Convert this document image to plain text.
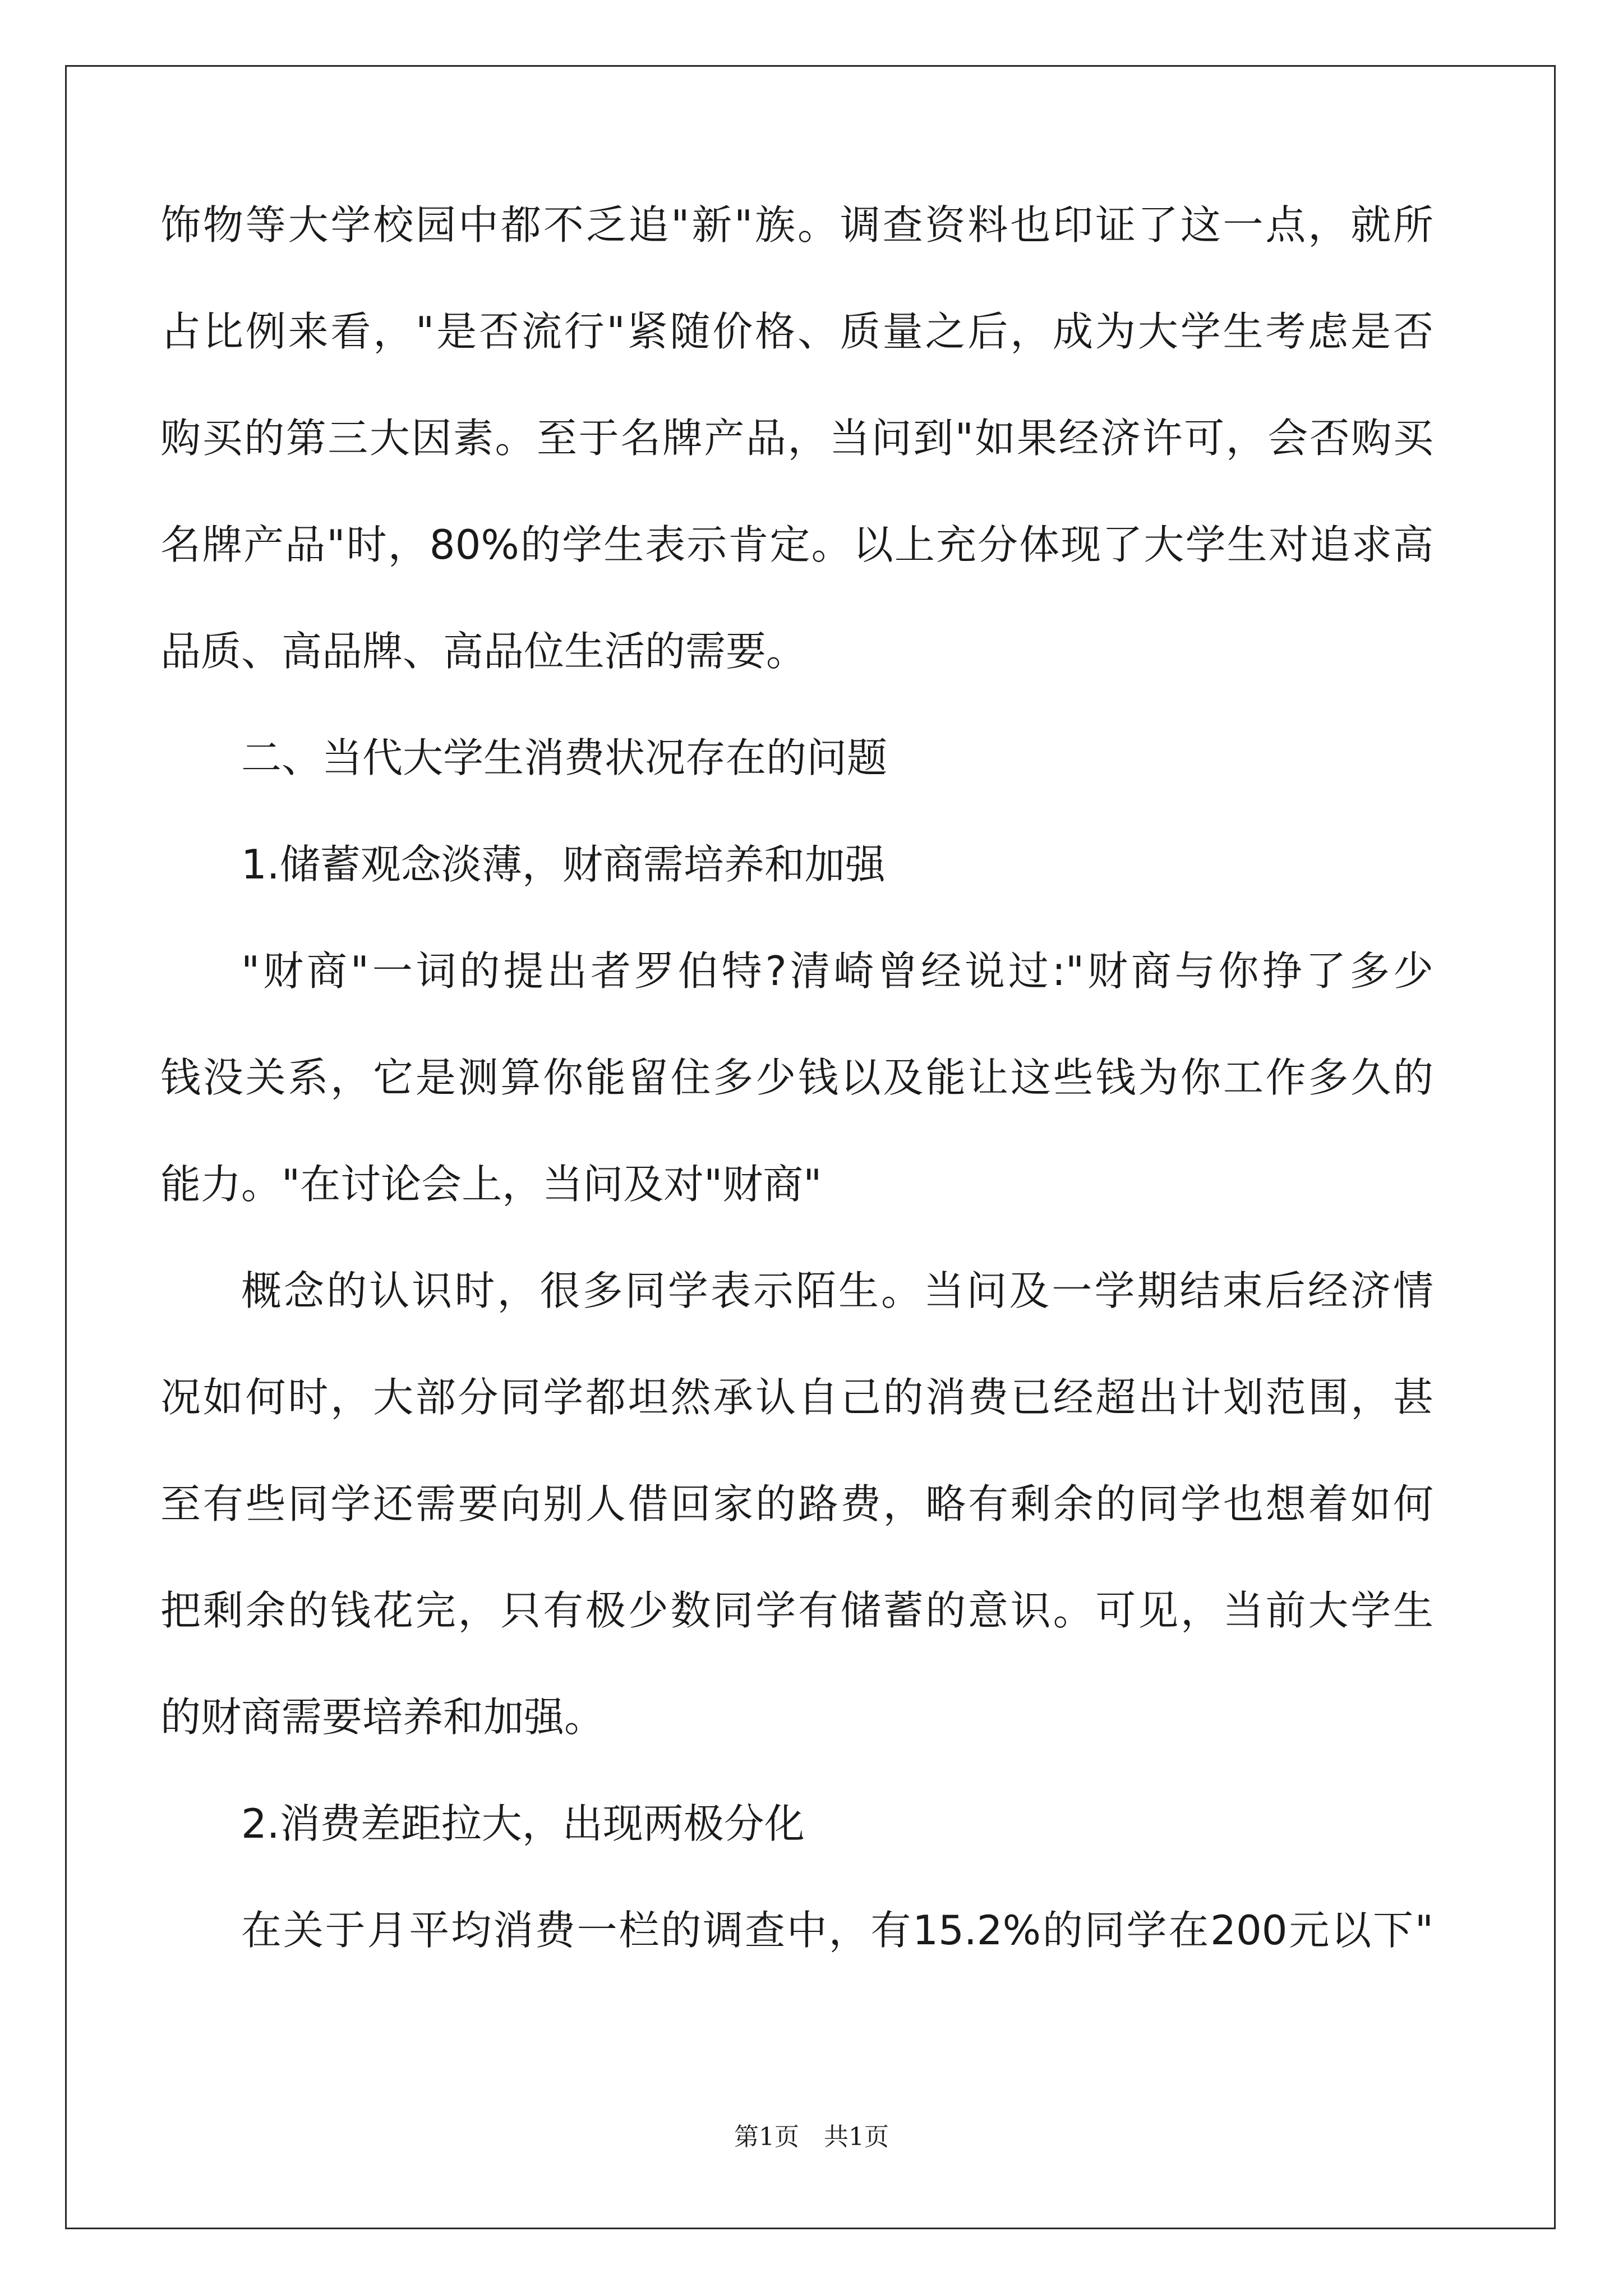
饰物等大学校园中都不乏追"新"族。调查资料也印证了这一点，就所
占比例来看，"是否流行"紧随价格、质量之后，成为大学生考虑是否
购买的第三大因素。至于名牌产品，当问到"如果经济许可，会否购买
名牌产品"时，80%的学生表示肯定。以上充分体现了大学生对追求高
品质、高品牌、高品位生活的需要。
二、当代大学生消费状况存在的问题
1.储蓄观念淡薄，财商需培养和加强
"财商"一词的提出者罗伯特?清崎曾经说过:"财商与你挣了多少
钱没关系，它是测算你能留住多少钱以及能让这些钱为你工作多久的
能力。"在讨论会上，当问及对"财商"
概念的认识时，很多同学表示陌生。当问及一学期结束后经济情
况如何时，大部分同学都坦然承认自己的消费已经超出计划范围，甚
至有些同学还需要向别人借回家的路费，略有剩余的同学也想着如何
把剩余的钱花完，只有极少数同学有储蓄的意识。可见，当前大学生
的财商需要培养和加强。
2.消费差距拉大，出现两极分化
在关于月平均消费一栏的调查中，有15.2%的同学在200元以下"
第1页 共1页
